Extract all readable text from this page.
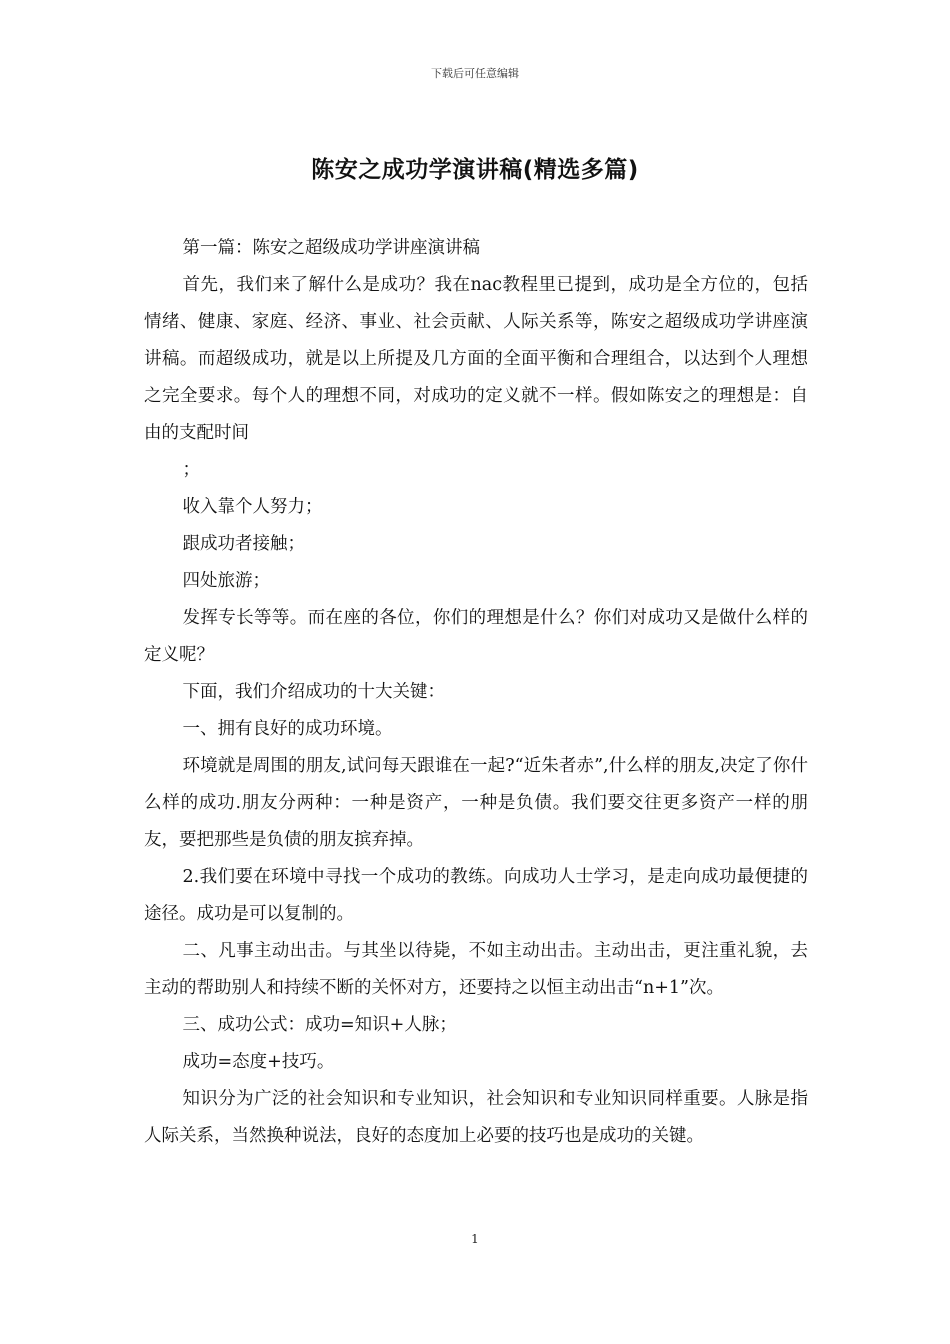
下载后可任意编辑
陈安之成功学演讲稿(精选多篇)

第一篇：陈安之超级成功学讲座演讲稿

首先，我们来了解什么是成功？我在nac教程里已提到，成功是全方位的，包括情绪、健康、家庭、经济、事业、社会贡献、人际关系等，陈安之超级成功学讲座演讲稿。而超级成功，就是以上所提及几方面的全面平衡和合理组合，以达到个人理想之完全要求。每个人的理想不同，对成功的定义就不一样。假如陈安之的理想是：自由的支配时间

；

收入靠个人努力；

跟成功者接触；

四处旅游；

发挥专长等等。而在座的各位，你们的理想是什么？你们对成功又是做什么样的定义呢？

下面，我们介绍成功的十大关键：

一、拥有良好的成功环境。

环境就是周围的朋友,试问每天跟谁在一起?“近朱者赤”,什么样的朋友,决定了你什么样的成功.朋友分两种：一种是资产，一种是负债。我们要交往更多资产一样的朋友，要把那些是负债的朋友摈弃掉。

2.我们要在环境中寻找一个成功的教练。向成功人士学习，是走向成功最便捷的途径。成功是可以复制的。

二、凡事主动出击。与其坐以待毙，不如主动出击。主动出击，更注重礼貌，去主动的帮助别人和持续不断的关怀对方，还要持之以恒主动出击“n+1”次。

三、成功公式：成功=知识+人脉；

成功=态度+技巧。

知识分为广泛的社会知识和专业知识，社会知识和专业知识同样重要。人脉是指人际关系，当然换种说法，良好的态度加上必要的技巧也是成功的关键。

1
